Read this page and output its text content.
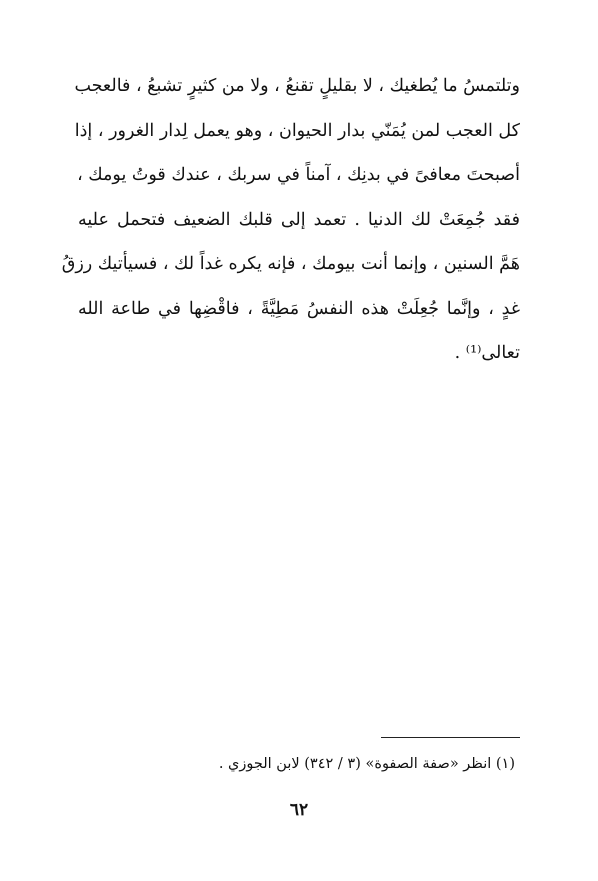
وتلتمسُ ما يُطغيك ، لا بقليلٍ تقنعُ ، ولا من كثيرٍ تشبعُ ، فالعجب
كل العجب لمن يُمَنّي بدار الحيوان ، وهو يعمل لِدار الغرور ، إذا
أصبحتَ معافىً في بدنِك ، آمناً في سربك ، عندك قوتُ يومك ،
فقد جُمِعَتْ لك الدنيا . تعمد إلى قلبك الضعيف فتحمل عليه
هَمَّ السنين ، وإنما أنت بيومك ، فإنه يكره غداً لك ، فسيأتيك رزقُ
غدٍ ، وإنَّما جُعِلَتْ هذه النفسُ مَطِيَّةً ، فاقْضِها في طاعة الله
تعالى⁽¹⁾ .
(١) انظر «صفة الصفوة» (٣ / ٣٤٢) لابن الجوزي .
٦٢
